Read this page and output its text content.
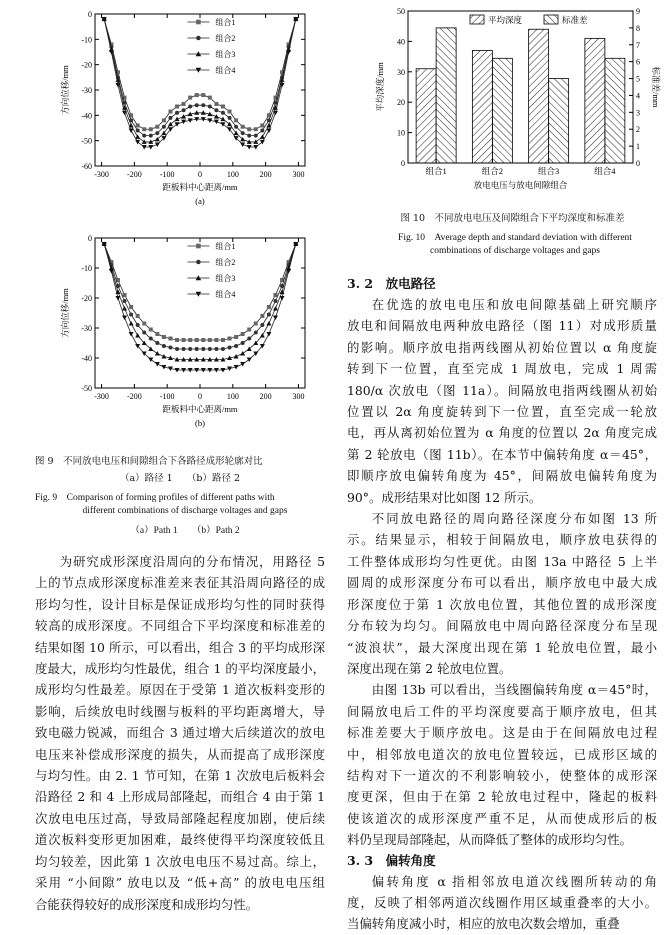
0
-10
-20
-30
-40
-50
-60
-300 -200 -100	0	100	200	300
距板料中心距离/mm
方向位移/mm
(a)
组合1
组合2
组合3
组合4
0
-10
-20
-30
-40
-50
-300 -200 -100	0	100	200	300
距板料中心距离/mm
方向位移/mm
(b)
组合1
组合2
组合3
组合4
图 9　不同放电电压和间隙组合下各路径成形轮廓对比
（a）路径 1　　（b）路径 2
Fig. 9　Comparison of forming profiles of different paths with
different combinations of discharge voltages and gaps
（a）Path 1　　（b）Path 2
0
10
20
30
40
50
0
1
2
3
4
5
6
7
8
9
组合1	组合2	组合3	组合4
放电电压与放电间隙组合
平均深度/mm	标准差/mm
平均深度	标准差
图 10　不同放电电压及间隙组合下平均深度和标准差
Fig. 10　Average depth and standard deviation with different
combinations of discharge voltages and gaps
为研究成形深度沿周向的分布情况，用路径 5
上的节点成形深度标准差来表征其沿周向路径的成
形均匀性，设计目标是保证成形均匀性的同时获得
较高的成形深度。不同组合下平均深度和标准差的
结果如图 10 所示，可以看出，组合 3 的平均成形深
度最大，成形均匀性最优，组合 1 的平均深度最小，
成形均匀性最差。原因在于受第 1 道次板料变形的
影响，后续放电时线圈与板料的平均距离增大，导
致电磁力锐减，而组合 3 通过增大后续道次的放电
电压来补偿成形深度的损失，从而提高了成形深度
与均匀性。由 2. 1 节可知，在第 1 次放电后板料会
沿路径 2 和 4 上形成局部隆起，而组合 4 由于第 1
次放电电压过高，导致局部隆起程度加剧，使后续
道次板料变形更加困难，最终使得平均深度较低且
均匀较差，因此第 1 次放电电压不易过高。综上，
采用 “小间隙” 放电以及 “低+高” 的放电电压组
合能获得较好的成形深度和成形均匀性。
3. 2　放电路径
在优选的放电电压和放电间隙基础上研究顺序
放电和间隔放电两种放电路径（图 11）对成形质量
的影响。顺序放电指两线圈从初始位置以 α 角度旋
转到下一位置，直至完成 1 周放电，完成 1 周需
180/α 次放电（图 11a）。间隔放电指两线圈从初始
位置以 2α 角度旋转到下一位置，直至完成一轮放
电，再从离初始位置为 α 角度的位置以 2α 角度完成
第 2 轮放电（图 11b）。在本节中偏转角度 α＝45°，
即顺序放电偏转角度为 45°，间隔放电偏转角度为
90°。成形结果对比如图 12 所示。
不同放电路径的周向路径深度分布如图 13 所
示。结果显示，相较于间隔放电，顺序放电获得的
工件整体成形均匀性更优。由图 13a 中路径 5 上半
圆周的成形深度分布可以看出，顺序放电中最大成
形深度位于第 1 次放电位置，其他位置的成形深度
分布较为均匀。间隔放电中周向路径深度分布呈现
“波浪状”，最大深度出现在第 1 轮放电位置，最小
深度出现在第 2 轮放电位置。
由图 13b 可以看出，当线圈偏转角度 α＝45°时，
间隔放电后工件的平均深度要高于顺序放电，但其
标准差要大于顺序放电。这是由于在间隔放电过程
中，相邻放电道次的放电位置较远，已成形区域的
结构对下一道次的不利影响较小，使整体的成形深
度更深，但由于在第 2 轮放电过程中，隆起的板料
使该道次的成形深度严重不足，从而使成形后的板
料仍呈现局部隆起，从而降低了整体的成形均匀性。
3. 3　偏转角度
偏转角度 α 指相邻放电道次线圈所转动的角
度，反映了相邻两道次线圈作用区域重叠率的大小。
当偏转角度减小时，相应的放电次数会增加，重叠
